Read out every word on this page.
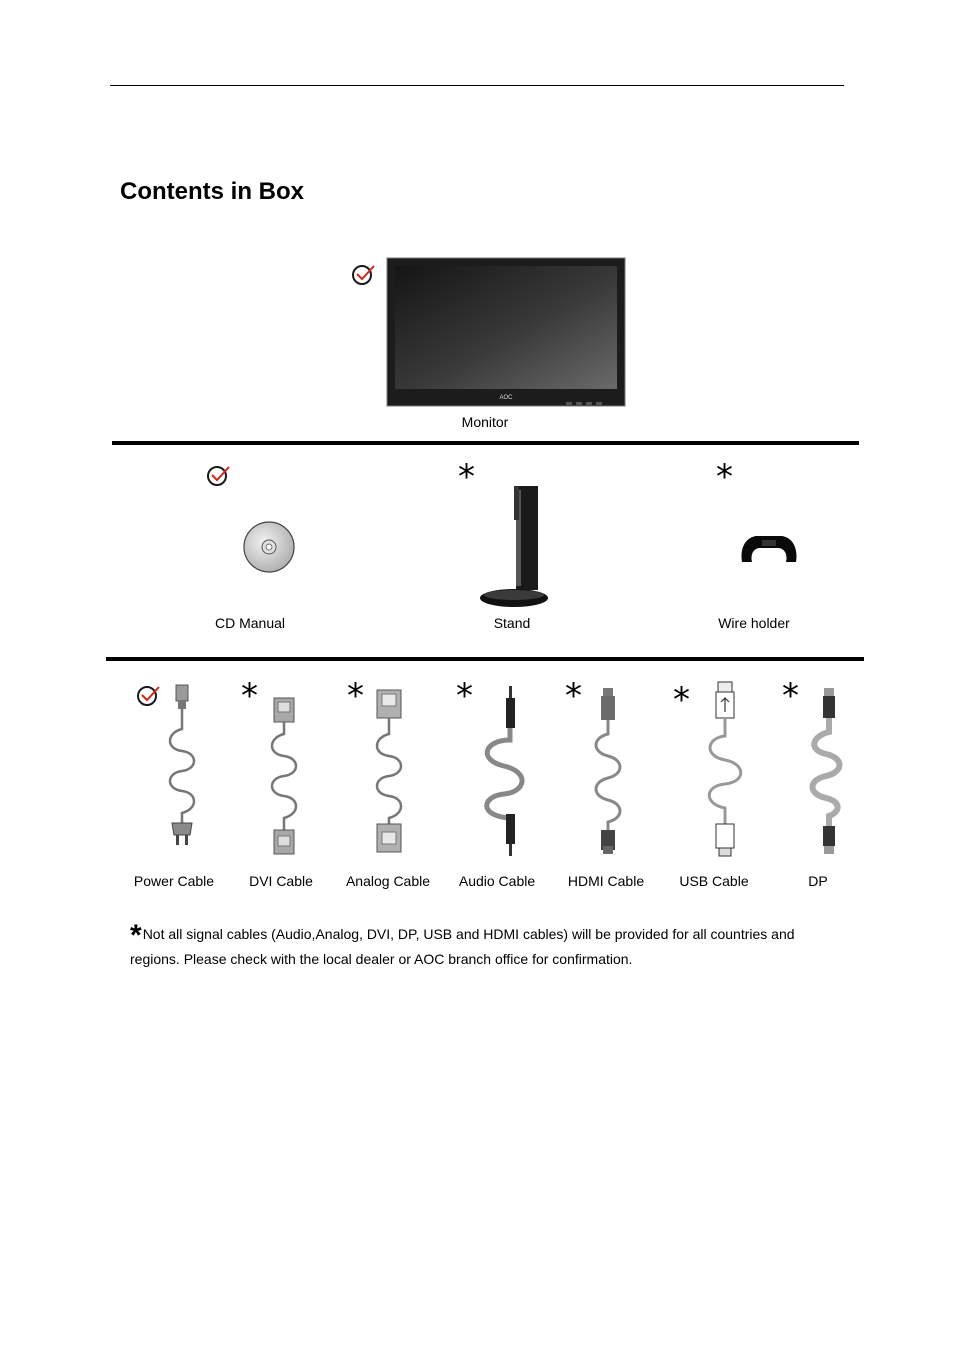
Contents in Box
AOC
Monitor
*	*
CD Manual	Stand	Wire holder
*	*	*	*	*	*
Power Cable	DVI Cable	Analog Cable	Audio Cable	HDMI Cable	USB Cable	DP
*Not all signal cables (Audio,Analog, DVI, DP, USB and HDMI cables) will be provided for all countries and regions. Please check with the local dealer or AOC branch office for confirmation.
